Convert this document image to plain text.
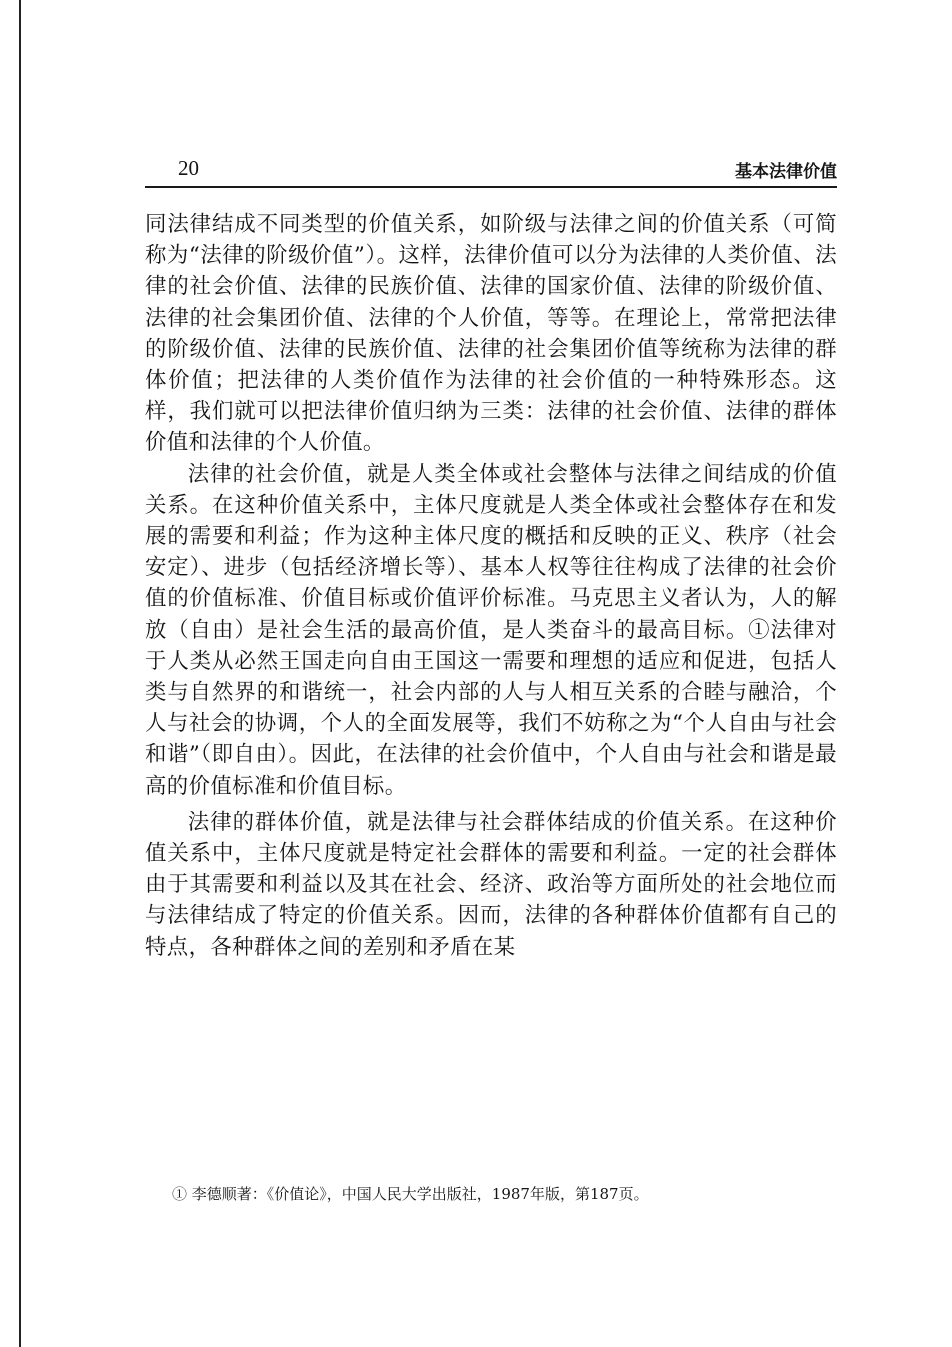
20	基本法律价值

同法律结成不同类型的价值关系，如阶级与法律之间的价值关系（可简称为“法律的阶级价值”）。这样，法律价值可以分为法律的人类价值、法律的社会价值、法律的民族价值、法律的国家价值、法律的阶级价值、法律的社会集团价值、法律的个人价值，等等。在理论上，常常把法律的阶级价值、法律的民族价值、法律的社会集团价值等统称为法律的群体价值；把法律的人类价值作为法律的社会价值的一种特殊形态。这样，我们就可以把法律价值归纳为三类：法律的社会价值、法律的群体价值和法律的个人价值。

法律的社会价值，就是人类全体或社会整体与法律之间结成的价值关系。在这种价值关系中，主体尺度就是人类全体或社会整体存在和发展的需要和利益；作为这种主体尺度的概括和反映的正义、秩序（社会安定）、进步（包括经济增长等）、基本人权等往往构成了法律的社会价值的价值标准、价值目标或价值评价标准。马克思主义者认为，人的解放（自由）是社会生活的最高价值，是人类奋斗的最高目标。①法律对于人类从必然王国走向自由王国这一需要和理想的适应和促进，包括人类与自然界的和谐统一，社会内部的人与人相互关系的合睦与融洽，个人与社会的协调，个人的全面发展等，我们不妨称之为“个人自由与社会和谐”（即自由）。因此，在法律的社会价值中，个人自由与社会和谐是最高的价值标准和价值目标。

法律的群体价值，就是法律与社会群体结成的价值关系。在这种价值关系中，主体尺度就是特定社会群体的需要和利益。一定的社会群体由于其需要和利益以及其在社会、经济、政治等方面所处的社会地位而与法律结成了特定的价值关系。因而，法律的各种群体价值都有自己的特点，各种群体之间的差别和矛盾在某

① 李德顺著：《价值论》，中国人民大学出版社，1987年版，第187页。
